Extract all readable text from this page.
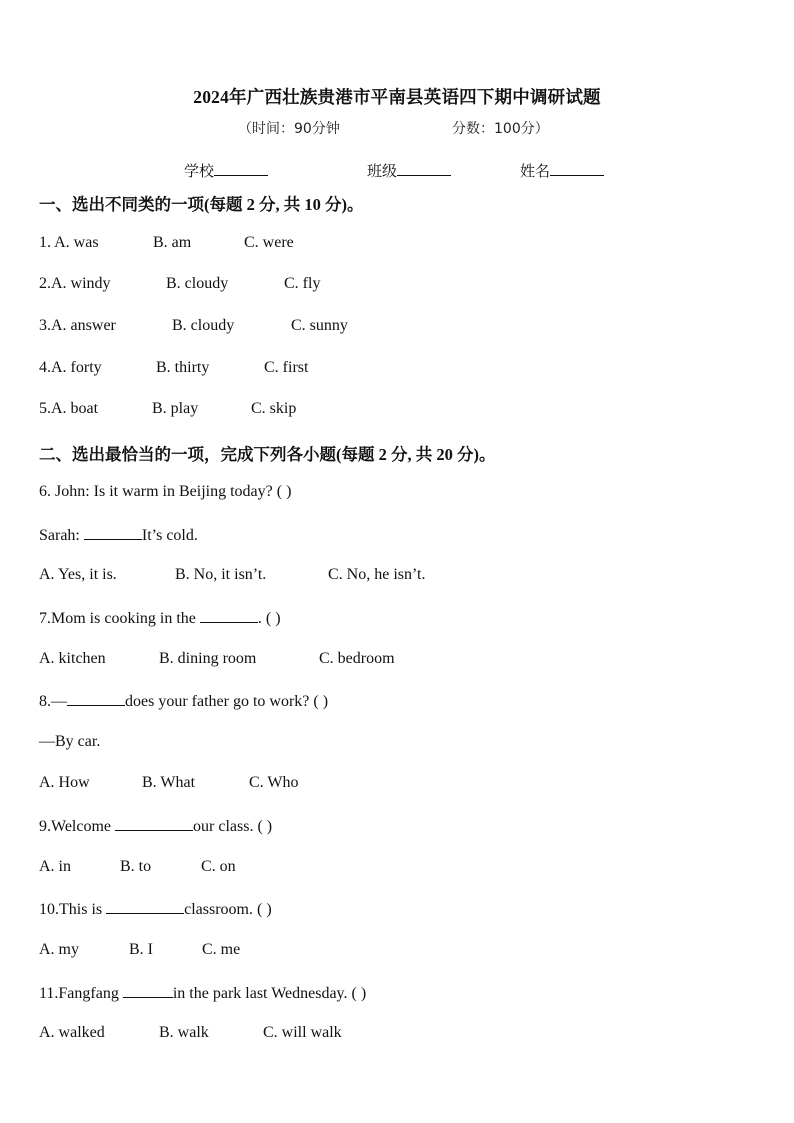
2024年广西壮族贵港市平南县英语四下期中调研试题
（时间：90分钟	分数：100分）
学校	班级	姓名
一、选出不同类的一项(每题 2 分, 共 10 分)。
1. A. was	B. am	C. were
2.A. windy	B. cloudy	C. fly
3.A. answer	B. cloudy	C. sunny
4.A. forty	B. thirty	C. first
5.A. boat	B. play	C. skip
二、选出最恰当的一项，完成下列各小题(每题 2 分, 共 20 分)。
6. John: Is it warm in Beijing today? ( )
Sarah:	It’s cold.
A. Yes, it is.	B. No, it isn’t.	C. No, he isn’t.
7.Mom is cooking in the	. ( )
A. kitchen	B. dining room	C. bedroom
8.—	does your father go to work? ( )
—By car.
A. How	B. What	C. Who
9.Welcome	our class. ( )
A. in	B. to	C. on
10.This is	classroom. ( )
A. my	B. I	C. me
11.Fangfang	in the park last Wednesday. ( )
A. walked	B. walk	C. will walk
